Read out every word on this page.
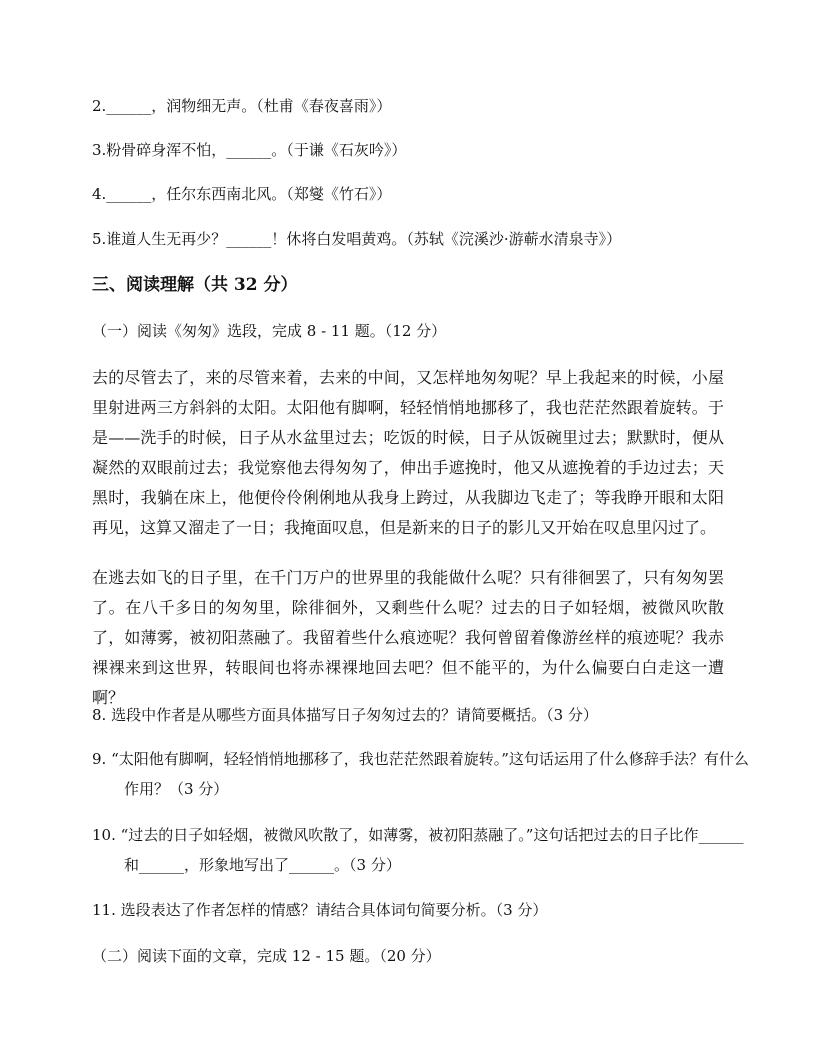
2.______，润物细无声。（杜甫《春夜喜雨》）
3.粉骨碎身浑不怕，______。（于谦《石灰吟》）
4.______，任尔东西南北风。（郑燮《竹石》）
5.谁道人生无再少？______！休将白发唱黄鸡。（苏轼《浣溪沙·游蕲水清泉寺》）
三、阅读理解（共 32 分）
（一）阅读《匆匆》选段，完成 8 - 11 题。（12 分）
去的尽管去了，来的尽管来着，去来的中间，又怎样地匆匆呢？早上我起来的时候，小屋里射进两三方斜斜的太阳。太阳他有脚啊，轻轻悄悄地挪移了，我也茫茫然跟着旋转。于是——洗手的时候，日子从水盆里过去；吃饭的时候，日子从饭碗里过去；默默时，便从凝然的双眼前过去；我觉察他去得匆匆了，伸出手遮挽时，他又从遮挽着的手边过去；天黑时，我躺在床上，他便伶伶俐俐地从我身上跨过，从我脚边飞走了；等我睁开眼和太阳再见，这算又溜走了一日；我掩面叹息，但是新来的日子的影儿又开始在叹息里闪过了。
在逃去如飞的日子里，在千门万户的世界里的我能做什么呢？只有徘徊罢了，只有匆匆罢了。在八千多日的匆匆里，除徘徊外，又剩些什么呢？过去的日子如轻烟，被微风吹散了，如薄雾，被初阳蒸融了。我留着些什么痕迹呢？我何曾留着像游丝样的痕迹呢？我赤裸裸来到这世界，转眼间也将赤裸裸地回去吧？但不能平的，为什么偏要白白走这一遭啊？
8. 选段中作者是从哪些方面具体描写日子匆匆过去的？请简要概括。（3 分）
9. “太阳他有脚啊，轻轻悄悄地挪移了，我也茫茫然跟着旋转。”这句话运用了什么修辞手法？有什么作用？（3 分）
10. “过去的日子如轻烟，被微风吹散了，如薄雾，被初阳蒸融了。”这句话把过去的日子比作______和______，形象地写出了______。（3 分）
11. 选段表达了作者怎样的情感？请结合具体词句简要分析。（3 分）
（二）阅读下面的文章，完成 12 - 15 题。（20 分）
